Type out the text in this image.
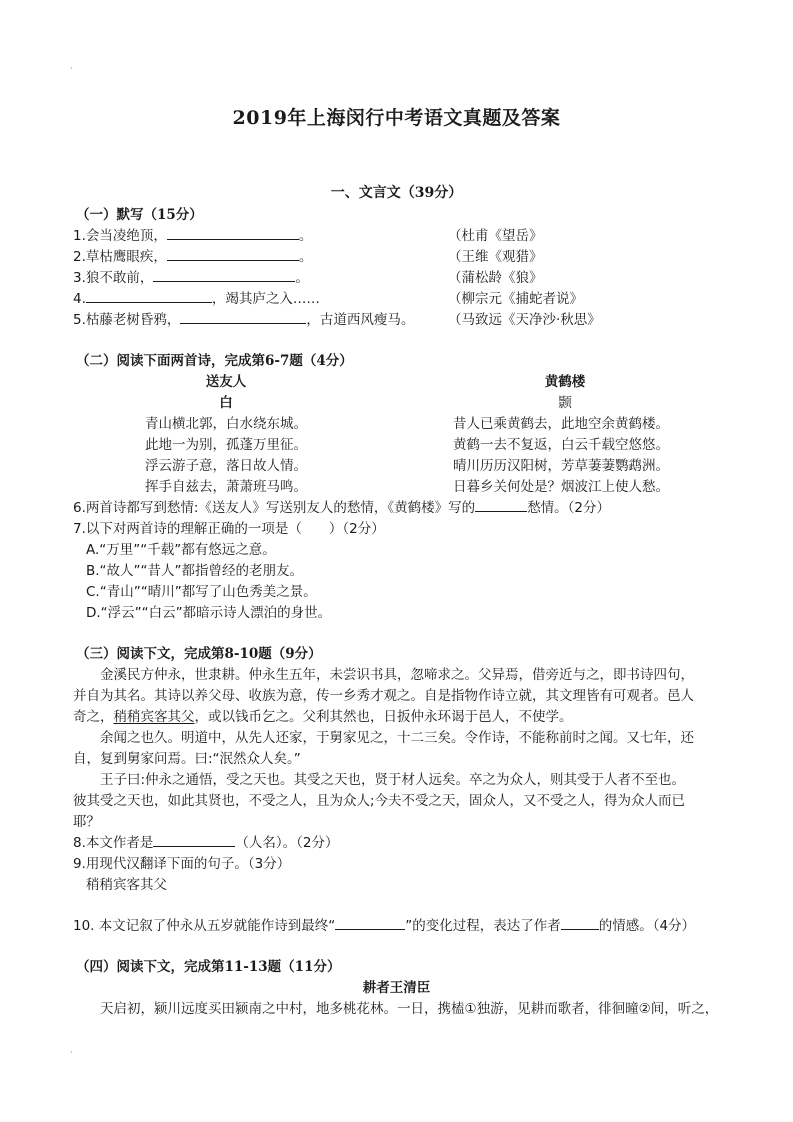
·
·
2019年上海闵行中考语文真题及答案
一、文言文（39分）
（一）默写（15分）
1.会当凌绝顶，	。	（杜甫《望岳》
2.草枯鹰眼疾，	。	（王维《观猎》
3.狼不敢前，	。	（蒲松龄《狼》
4.	，竭其庐之入……	（柳宗元《捕蛇者说》
5.枯藤老树昏鸦，	，古道西风瘦马。 （马致远《天净沙·秋思》
（二）阅读下面两首诗，完成第6-7题（4分）
送友人
白
青山横北郭，白水绕东城。
此地一为别，孤蓬万里征。
浮云游子意，落日故人情。
挥手自兹去，萧萧班马鸣。
黄鹤楼
颢
昔人已乘黄鹤去，此地空余黄鹤楼。
黄鹤一去不复返，白云千载空悠悠。
晴川历历汉阳树，芳草萋萋鹦鹉洲。
日暮乡关何处是？烟波江上使人愁。
6.两首诗都写到愁情:《送友人》写送别友人的愁情，《黄鹤楼》写的	愁情。（2分）
7.以下对两首诗的理解正确的一项是（　　）（2分）
A.“万里”“千载”都有悠远之意。
B.“故人”“昔人”都指曾经的老朋友。
C.“青山”“晴川”都写了山色秀美之景。
D.“浮云”“白云”都暗示诗人漂泊的身世。
（三）阅读下文，完成第8-10题（9分）
金溪民方仲永，世隶耕。仲永生五年，未尝识书具，忽啼求之。父异焉，借旁近与之，即书诗四句，
并自为其名。其诗以养父母、收族为意，传一乡秀才观之。自是指物作诗立就，其文理皆有可观者。邑人
奇之，稍稍宾客其父，或以钱币乞之。父利其然也，日扳仲永环谒于邑人，不使学。
余闻之也久。明道中，从先人还家，于舅家见之，十二三矣。令作诗，不能称前时之闻。又七年，还
自，复到舅家问焉。曰:“泯然众人矣。”
王子曰:仲永之通悟，受之天也。其受之天也，贤于材人远矣。卒之为众人，则其受于人者不至也。
彼其受之天也，如此其贤也，不受之人，且为众人;今夫不受之天，固众人，又不受之人，得为众人而已
耶？
8.本文作者是	（人名）。（2分）
9.用现代汉翻译下面的句子。（3分）
稍稍宾客其父
10. 本文记叙了仲永从五岁就能作诗到最终“	”的变化过程，表达了作者	的情感。（4分）
（四）阅读下文，完成第11-13题（11分）
耕者王清臣
天启初，颍川远度买田颍南之中村，地多桃花林。一日，携榼①独游，见耕而歌者，徘徊曈②间，听之，
